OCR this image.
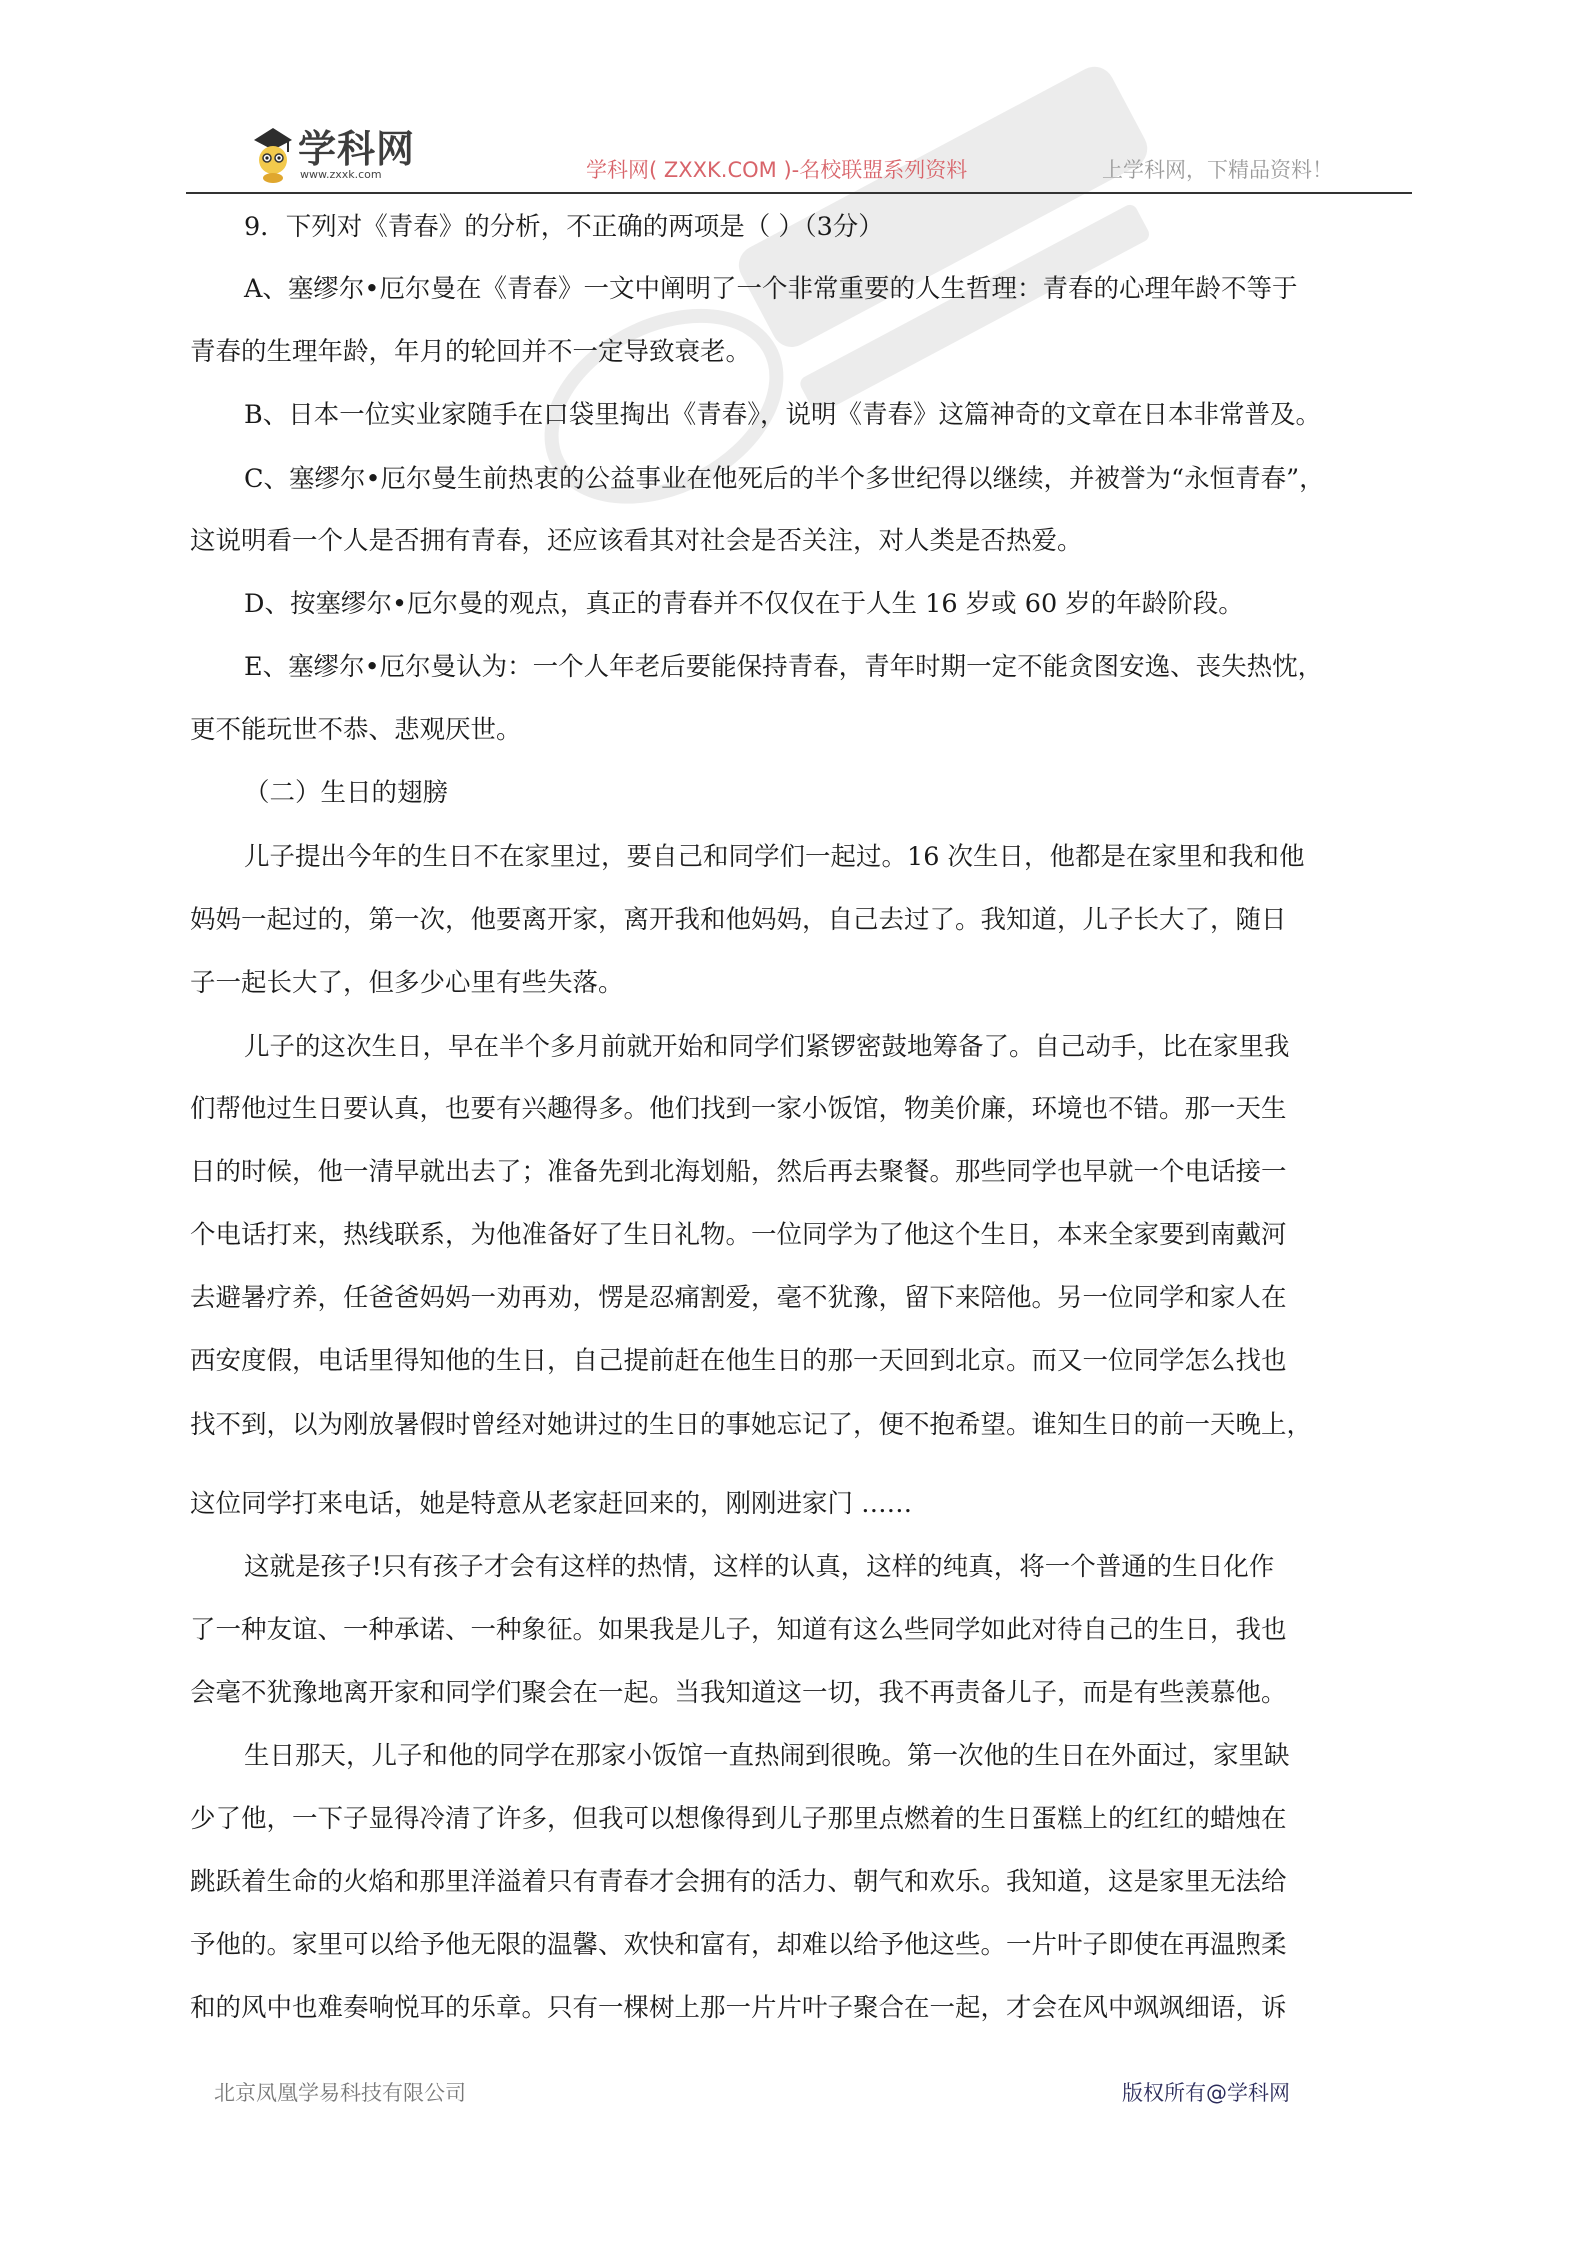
学科网
www.zxxk.com	学科网( ZXXK.COM )-名校联盟系列资料	上学科网，下精品资料！
9．下列对《青春》的分析，不正确的两项是（ ）（3分）
A、塞缪尔•厄尔曼在《青春》一文中阐明了一个非常重要的人生哲理：青春的心理年龄不等于
青春的生理年龄，年月的轮回并不一定导致衰老。
B、日本一位实业家随手在口袋里掏出《青春》，说明《青春》这篇神奇的文章在日本非常普及。
C、塞缪尔•厄尔曼生前热衷的公益事业在他死后的半个多世纪得以继续，并被誉为“永恒青春”，
这说明看一个人是否拥有青春，还应该看其对社会是否关注，对人类是否热爱。
D、按塞缪尔•厄尔曼的观点，真正的青春并不仅仅在于人生 16 岁或 60 岁的年龄阶段。
E、塞缪尔•厄尔曼认为：一个人年老后要能保持青春，青年时期一定不能贪图安逸、丧失热忱，
更不能玩世不恭、悲观厌世。
（二）生日的翅膀
儿子提出今年的生日不在家里过，要自己和同学们一起过。16 次生日，他都是在家里和我和他
妈妈一起过的，第一次，他要离开家，离开我和他妈妈，自己去过了。我知道，儿子长大了，随日
子一起长大了，但多少心里有些失落。
儿子的这次生日，早在半个多月前就开始和同学们紧锣密鼓地筹备了。自己动手，比在家里我
们帮他过生日要认真，也要有兴趣得多。他们找到一家小饭馆，物美价廉，环境也不错。那一天生
日的时候，他一清早就出去了；准备先到北海划船，然后再去聚餐。那些同学也早就一个电话接一
个电话打来，热线联系，为他准备好了生日礼物。一位同学为了他这个生日，本来全家要到南戴河
去避暑疗养，任爸爸妈妈一劝再劝，愣是忍痛割爱，毫不犹豫，留下来陪他。另一位同学和家人在
西安度假，电话里得知他的生日，自己提前赶在他生日的那一天回到北京。而又一位同学怎么找也
找不到，以为刚放暑假时曾经对她讲过的生日的事她忘记了，便不抱希望。谁知生日的前一天晚上，
这位同学打来电话，她是特意从老家赶回来的，刚刚进家门 ……
这就是孩子!只有孩子才会有这样的热情，这样的认真，这样的纯真，将一个普通的生日化作
了一种友谊、一种承诺、一种象征。如果我是儿子，知道有这么些同学如此对待自己的生日，我也
会毫不犹豫地离开家和同学们聚会在一起。当我知道这一切，我不再责备儿子，而是有些羡慕他。
生日那天，儿子和他的同学在那家小饭馆一直热闹到很晚。第一次他的生日在外面过，家里缺
少了他，一下子显得冷清了许多，但我可以想像得到儿子那里点燃着的生日蛋糕上的红红的蜡烛在
跳跃着生命的火焰和那里洋溢着只有青春才会拥有的活力、朝气和欢乐。我知道，这是家里无法给
予他的。家里可以给予他无限的温馨、欢快和富有，却难以给予他这些。一片叶子即使在再温煦柔
和的风中也难奏响悦耳的乐章。只有一棵树上那一片片叶子聚合在一起，才会在风中飒飒细语，诉
北京凤凰学易科技有限公司	版权所有@学科网
